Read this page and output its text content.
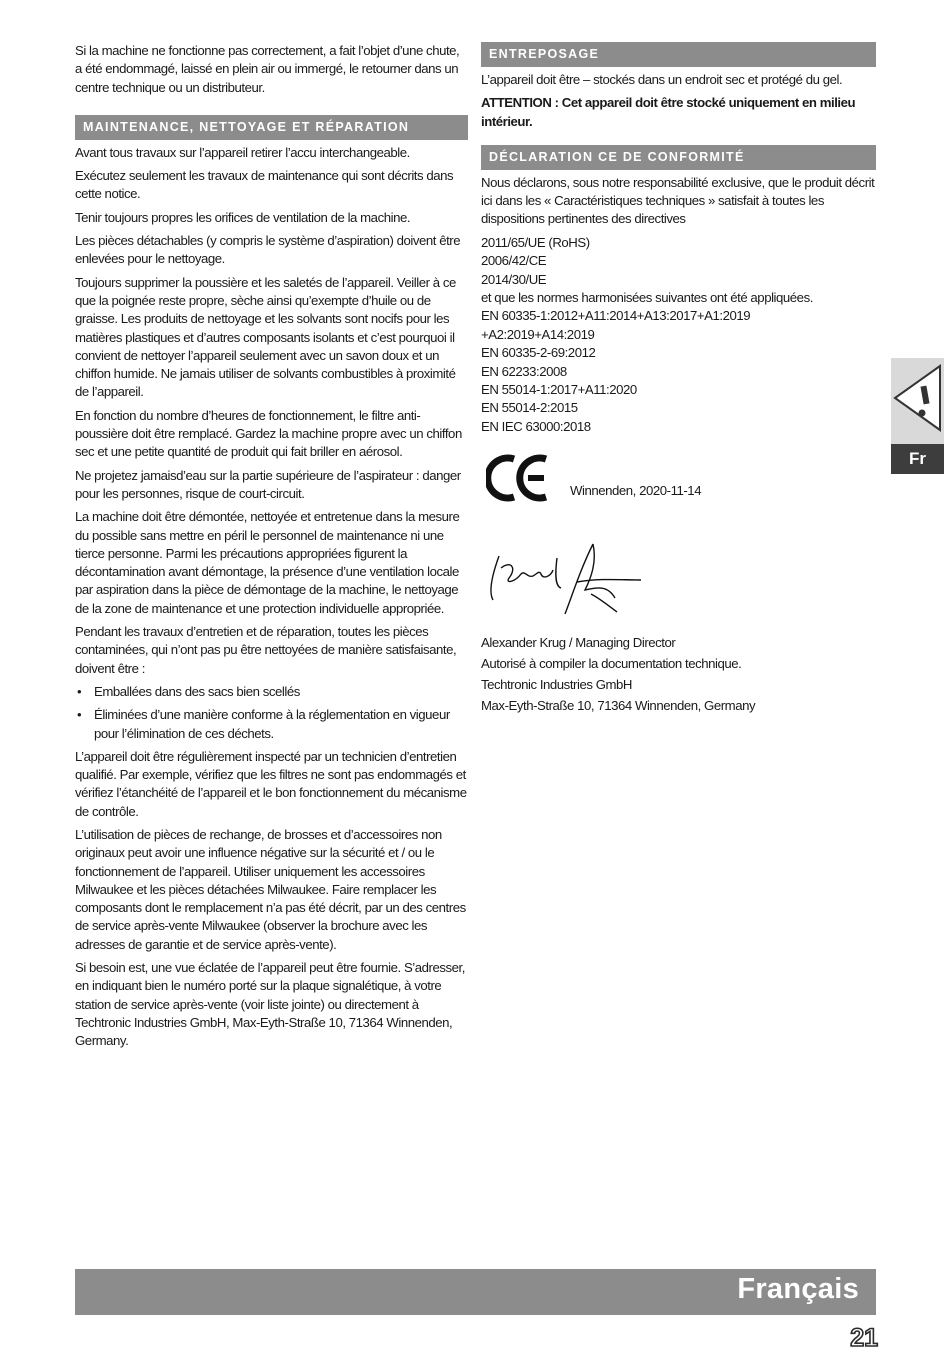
Si la machine ne fonctionne pas correctement, a fait l’objet d’une chute, a été endommagé, laissé en plein air ou immergé, le retourner dans un centre technique ou un distributeur.

MAINTENANCE, NETTOYAGE ET RÉPARATION

Avant tous travaux sur l’appareil retirer l’accu interchangeable.

Exécutez seulement les travaux de maintenance qui sont décrits dans cette notice.

Tenir toujours propres les orifices de ventilation de la machine.

Les pièces détachables (y compris le système d’aspiration) doivent être enlevées pour le nettoyage.

Toujours supprimer la poussière et les saletés de l’appareil. Veiller à ce que la poignée reste propre, sèche ainsi qu’exempte d’huile ou de graisse. Les produits de nettoyage et les solvants sont nocifs pour les matières plastiques et d’autres composants isolants et c’est pourquoi il convient de nettoyer l’appareil seulement avec un savon doux et un chiffon humide. Ne jamais utiliser de solvants combustibles à proximité de l’appareil.

En fonction du nombre d’heures de fonctionnement, le filtre anti-poussière doit être remplacé. Gardez la machine propre avec un chiffon sec et une petite quantité de produit qui fait briller en aérosol.

Ne projetez jamaisd’eau sur la partie supérieure de l’aspirateur : danger pour les personnes, risque de court-circuit.

La machine doit être démontée, nettoyée et entretenue dans la mesure du possible sans mettre en péril le personnel de maintenance ni une tierce personne. Parmi les précautions appropriées figurent la décontamination avant démontage, la présence d’une ventilation locale par aspiration dans la pièce de démontage de la machine, le nettoyage de la zone de maintenance et une protection individuelle appropriée.

Pendant les travaux d’entretien et de réparation, toutes les pièces contaminées, qui n’ont pas pu être nettoyées de manière satisfaisante, doivent être :

• Emballées dans des sacs bien scellés
• Éliminées d’une manière conforme à la réglementation en vigueur pour l’élimination de ces déchets.

L’appareil doit être régulièrement inspecté par un technicien d’entretien qualifié. Par exemple, vérifiez que les filtres ne sont pas endommagés et vérifiez l’étanchéité de l’appareil et le bon fonctionnement du mécanisme de contrôle.

L’utilisation de pièces de rechange, de brosses et d’accessoires non originaux peut avoir une influence négative sur la sécurité et / ou le fonctionnement de l’appareil. Utiliser uniquement les accessoires Milwaukee et les pièces détachées Milwaukee. Faire remplacer les composants dont le remplacement n’a pas été décrit, par un des centres de service après-vente Milwaukee (observer la brochure avec les adresses de garantie et de service après-vente).

Si besoin est, une vue éclatée de l’appareil peut être fournie. S’adresser, en indiquant bien le numéro porté sur la plaque signalétique, à votre station de service après-vente (voir liste jointe) ou directement à Techtronic Industries GmbH, Max-Eyth-Straße 10, 71364 Winnenden, Germany.

ENTREPOSAGE

L’appareil doit être – stockés dans un endroit sec et protégé du gel.

ATTENTION : Cet appareil doit être stocké uniquement en milieu intérieur.

DÉCLARATION CE DE CONFORMITÉ

Nous déclarons, sous notre responsabilité exclusive, que le produit décrit ici dans les « Caractéristiques techniques » satisfait à toutes les dispositions pertinentes des directives

2011/65/UE (RoHS)
2006/42/CE
2014/30/UE
et que les normes harmonisées suivantes ont été appliquées.
EN 60335-1:2012+A11:2014+A13:2017+A1:2019
+A2:2019+A14:2019
EN 60335-2-69:2012
EN 62233:2008
EN 55014-1:2017+A11:2020
EN 55014-2:2015
EN IEC 63000:2018
Winnenden, 2020-11-14
Alexander Krug / Managing Director
Autorisé à compiler la documentation technique.
Techtronic Industries GmbH
Max-Eyth-Straße 10, 71364 Winnenden, Germany
Fr
Français
21
